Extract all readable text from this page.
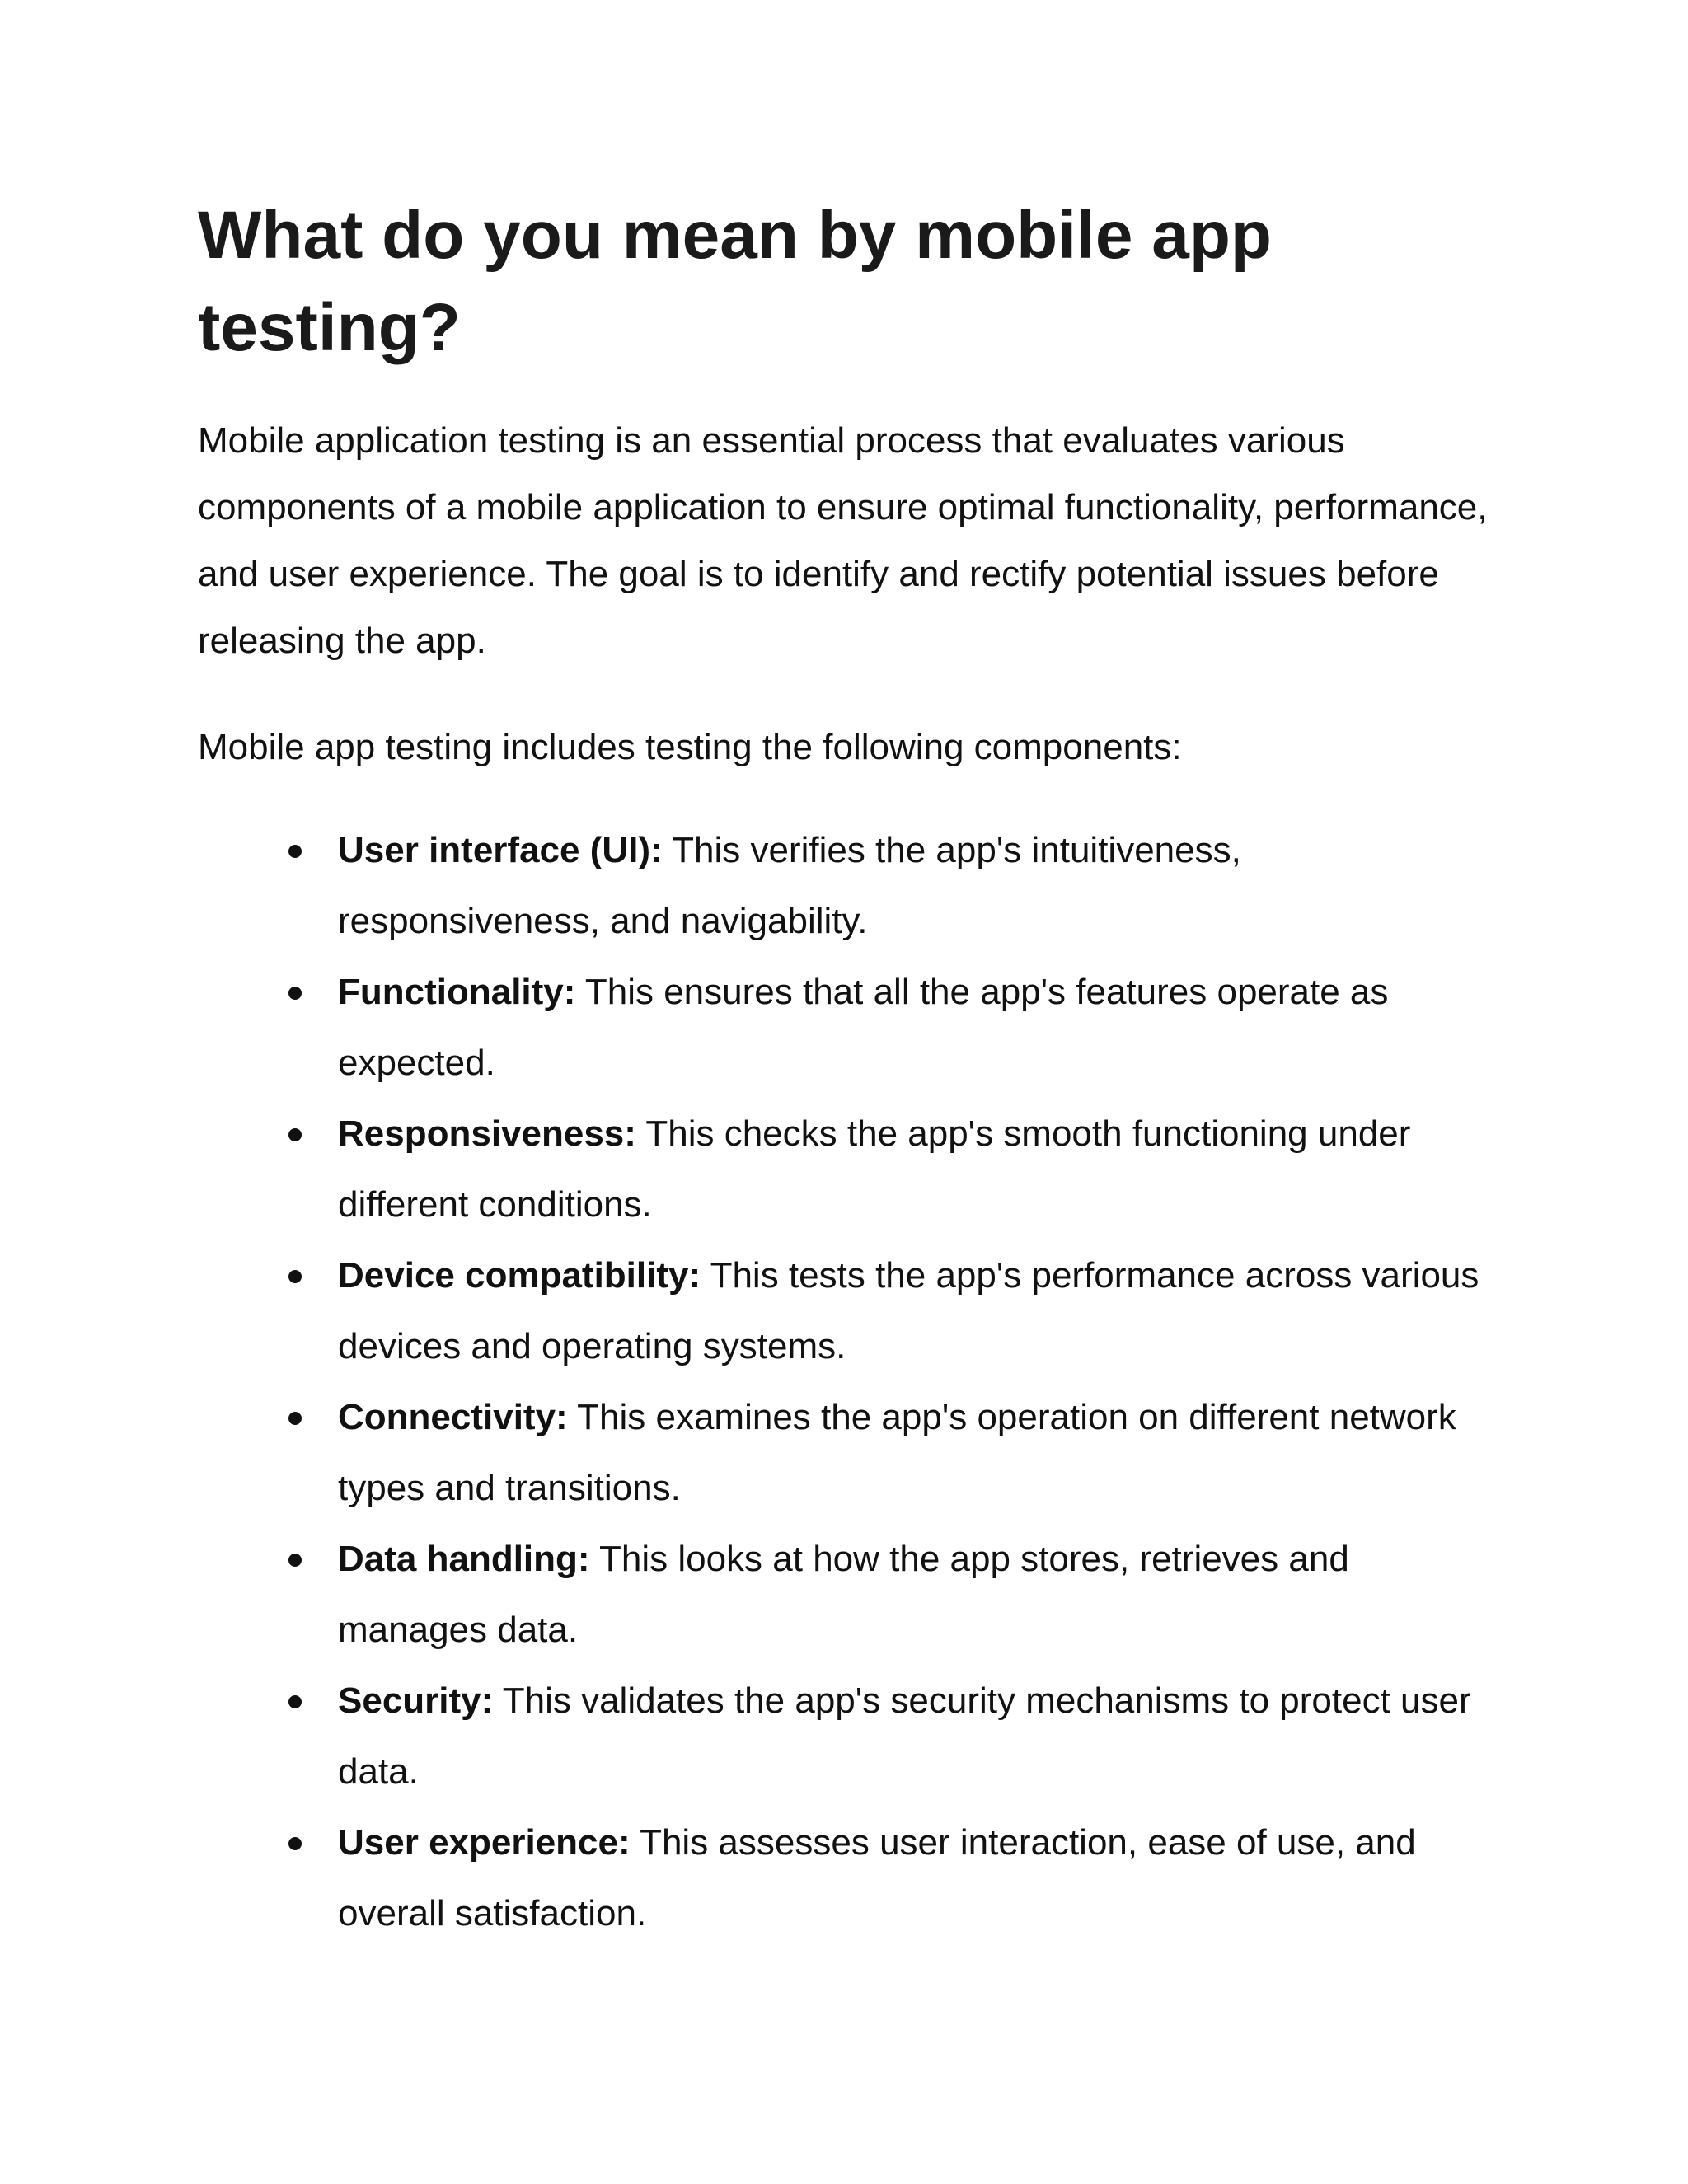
What do you mean by mobile app testing?

Mobile application testing is an essential process that evaluates various components of a mobile application to ensure optimal functionality, performance, and user experience. The goal is to identify and rectify potential issues before releasing the app.

Mobile app testing includes testing the following components:

User interface (UI): This verifies the app's intuitiveness, responsiveness, and navigability.
Functionality: This ensures that all the app's features operate as expected.
Responsiveness: This checks the app's smooth functioning under different conditions.
Device compatibility: This tests the app's performance across various devices and operating systems.
Connectivity: This examines the app's operation on different network types and transitions.
Data handling: This looks at how the app stores, retrieves and manages data.
Security: This validates the app's security mechanisms to protect user data.
User experience: This assesses user interaction, ease of use, and overall satisfaction.
